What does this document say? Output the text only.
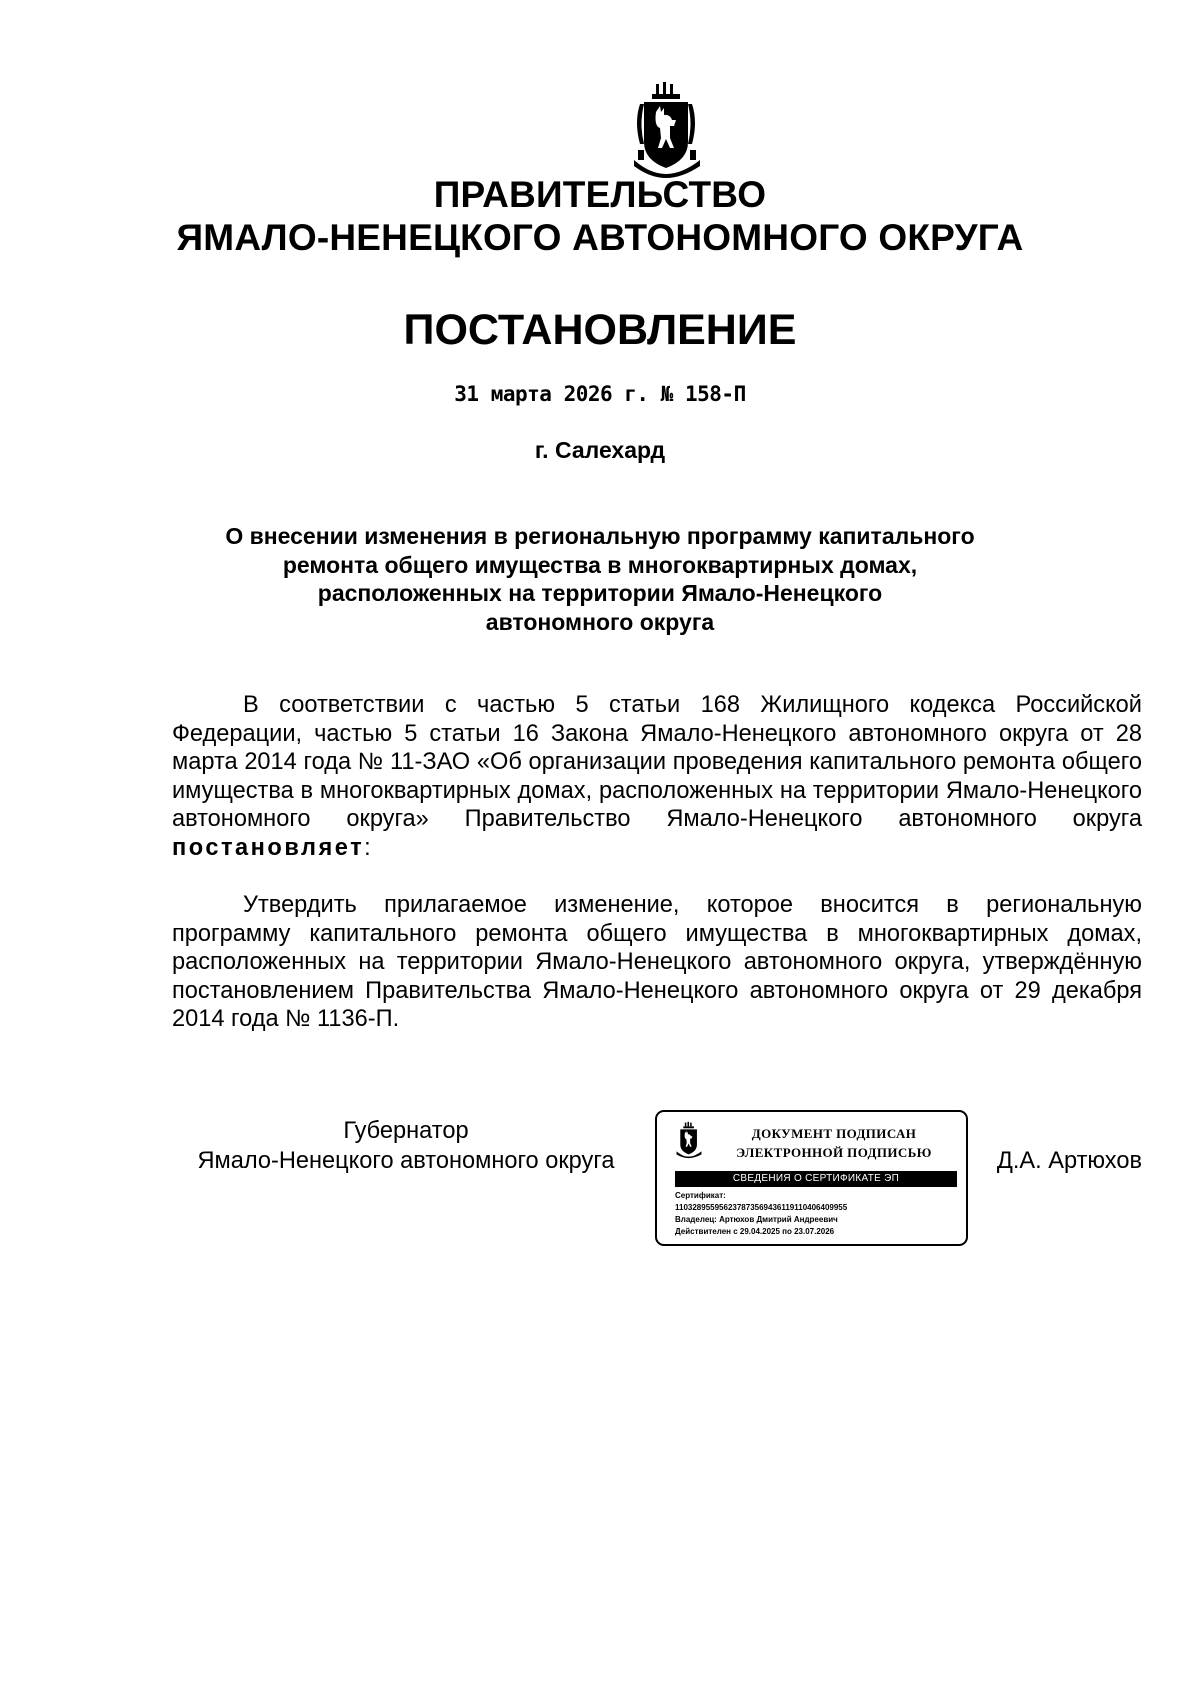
ПРАВИТЕЛЬСТВО
ЯМАЛО-НЕНЕЦКОГО АВТОНОМНОГО ОКРУГА
ПОСТАНОВЛЕНИЕ
31 марта 2026 г. № 158-П
г. Салехард
О внесении изменения в региональную программу капитального
ремонта общего имущества в многоквартирных домах,
расположенных на территории Ямало-Ненецкого
автономного округа

В соответствии с частью 5 статьи 168 Жилищного кодекса Российской Федерации, частью 5 статьи 16 Закона Ямало-Ненецкого автономного округа от 28 марта 2014 года № 11-ЗАО «Об организации проведения капитального ремонта общего имущества в многоквартирных домах, расположенных на территории Ямало-Ненецкого автономного округа» Правительство Ямало-Ненецкого автономного округа постановляет:

Утвердить прилагаемое изменение, которое вносится в региональную программу капитального ремонта общего имущества в многоквартирных домах, расположенных на территории Ямало-Ненецкого автономного округа, утверждённую постановлением Правительства Ямало-Ненецкого автономного округа от 29 декабря 2014 года № 1136-П.

Губернатор
Ямало-Ненецкого автономного округа
ДОКУМЕНТ ПОДПИСАН
ЭЛЕКТРОННОЙ ПОДПИСЬЮ
СВЕДЕНИЯ О СЕРТИФИКАТЕ ЭП
Сертификат:
110328955956237873569436119110406409955
Владелец: Артюхов Дмитрий Андреевич
Действителен с 29.04.2025 по 23.07.2026
Д.А. Артюхов
